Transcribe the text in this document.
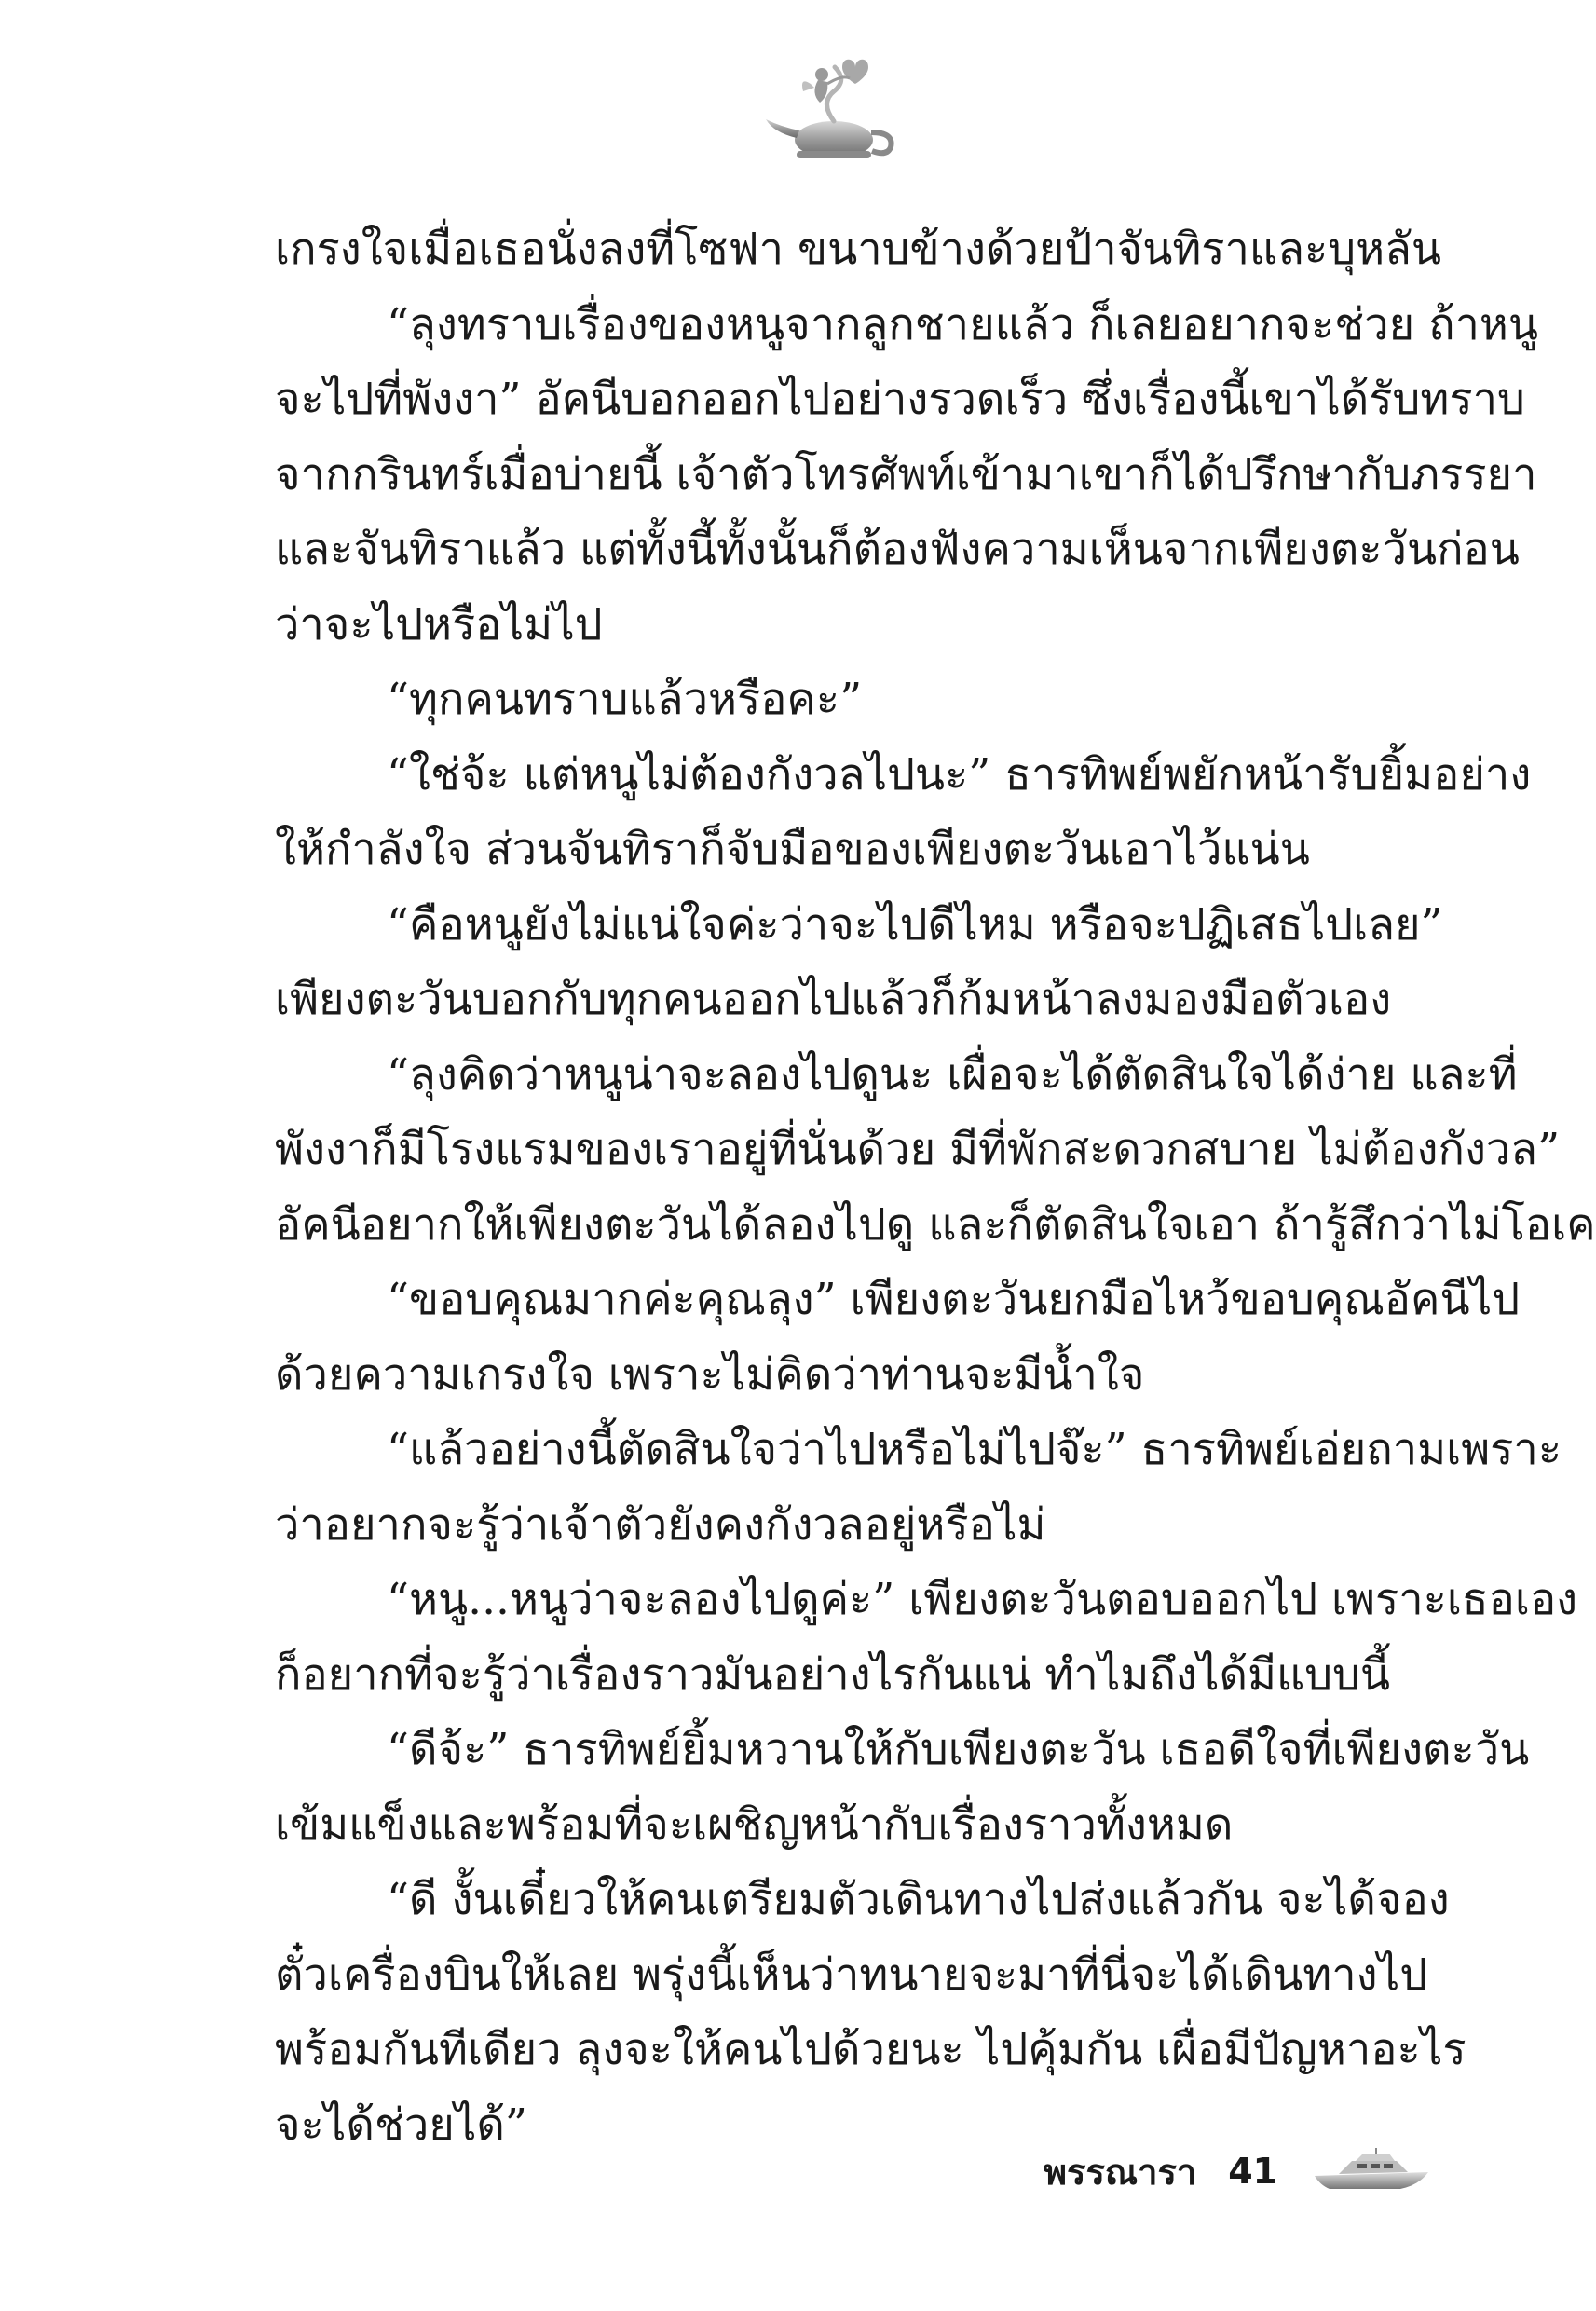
เกรงใจเมื่อเธอนั่งลงที่โซฟา ขนาบข้างด้วยป้าจันทิราและบุหลัน
“ลุงทราบเรื่องของหนูจากลูกชายแล้ว ก็เลยอยากจะช่วย ถ้าหนู
จะไปที่พังงา” อัคนีบอกออกไปอย่างรวดเร็ว ซึ่งเรื่องนี้เขาได้รับทราบ
จากกรินทร์เมื่อบ่ายนี้ เจ้าตัวโทรศัพท์เข้ามาเขาก็ได้ปรึกษากับภรรยา
และจันทิราแล้ว แต่ทั้งนี้ทั้งนั้นก็ต้องฟังความเห็นจากเพียงตะวันก่อน
ว่าจะไปหรือไม่ไป
“ทุกคนทราบแล้วหรือคะ”
“ใช่จ้ะ แต่หนูไม่ต้องกังวลไปนะ” ธารทิพย์พยักหน้ารับยิ้มอย่าง
ให้กำลังใจ ส่วนจันทิราก็จับมือของเพียงตะวันเอาไว้แน่น
“คือหนูยังไม่แน่ใจค่ะว่าจะไปดีไหม หรือจะปฏิเสธไปเลย”
เพียงตะวันบอกกับทุกคนออกไปแล้วก็ก้มหน้าลงมองมือตัวเอง
“ลุงคิดว่าหนูน่าจะลองไปดูนะ เผื่อจะได้ตัดสินใจได้ง่าย และที่
พังงาก็มีโรงแรมของเราอยู่ที่นั่นด้วย มีที่พักสะดวกสบาย ไม่ต้องกังวล”
อัคนีอยากให้เพียงตะวันได้ลองไปดู และก็ตัดสินใจเอา ถ้ารู้สึกว่าไม่โอเค
“ขอบคุณมากค่ะคุณลุง” เพียงตะวันยกมือไหว้ขอบคุณอัคนีไป
ด้วยความเกรงใจ เพราะไม่คิดว่าท่านจะมีน้ำใจ
“แล้วอย่างนี้ตัดสินใจว่าไปหรือไม่ไปจ๊ะ” ธารทิพย์เอ่ยถามเพราะ
ว่าอยากจะรู้ว่าเจ้าตัวยังคงกังวลอยู่หรือไม่
“หนู...หนูว่าจะลองไปดูค่ะ” เพียงตะวันตอบออกไป เพราะเธอเอง
ก็อยากที่จะรู้ว่าเรื่องราวมันอย่างไรกันแน่ ทำไมถึงได้มีแบบนี้
“ดีจ้ะ” ธารทิพย์ยิ้มหวานให้กับเพียงตะวัน เธอดีใจที่เพียงตะวัน
เข้มแข็งและพร้อมที่จะเผชิญหน้ากับเรื่องราวทั้งหมด
“ดี งั้นเดี๋ยวให้คนเตรียมตัวเดินทางไปส่งแล้วกัน จะได้จอง
ตั๋วเครื่องบินให้เลย พรุ่งนี้เห็นว่าทนายจะมาที่นี่จะได้เดินทางไป
พร้อมกันทีเดียว ลุงจะให้คนไปด้วยนะ ไปคุ้มกัน เผื่อมีปัญหาอะไร
จะได้ช่วยได้”
พรรณารา 41
